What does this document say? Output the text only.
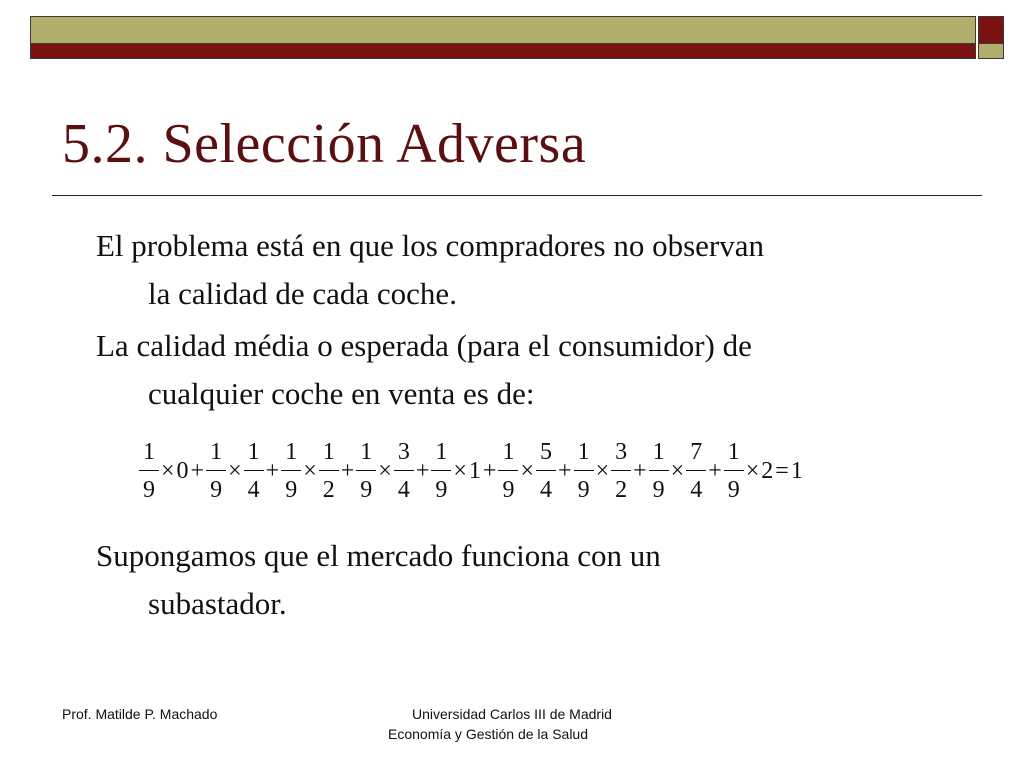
5.2. Selección Adversa

El problema está en que los compradores no observan
la calidad de cada coche.

La calidad média o esperada (para el consumidor) de
cualquier coche en venta es de:

$\frac{1}{9} \times 0 + \frac{1}{9} \times \frac{1}{4} + \frac{1}{9} \times \frac{1}{2} + \frac{1}{9} \times \frac{3}{4} + \frac{1}{9} \times 1 + \frac{1}{9} \times \frac{5}{4} + \frac{1}{9} \times \frac{3}{2} + \frac{1}{9} \times \frac{7}{4} + \frac{1}{9} \times 2 = 1$

Supongamos que el mercado funciona con un
subastador.

Prof. Matilde P. Machado	Universidad Carlos III de Madrid
Economía y Gestión de la Salud
